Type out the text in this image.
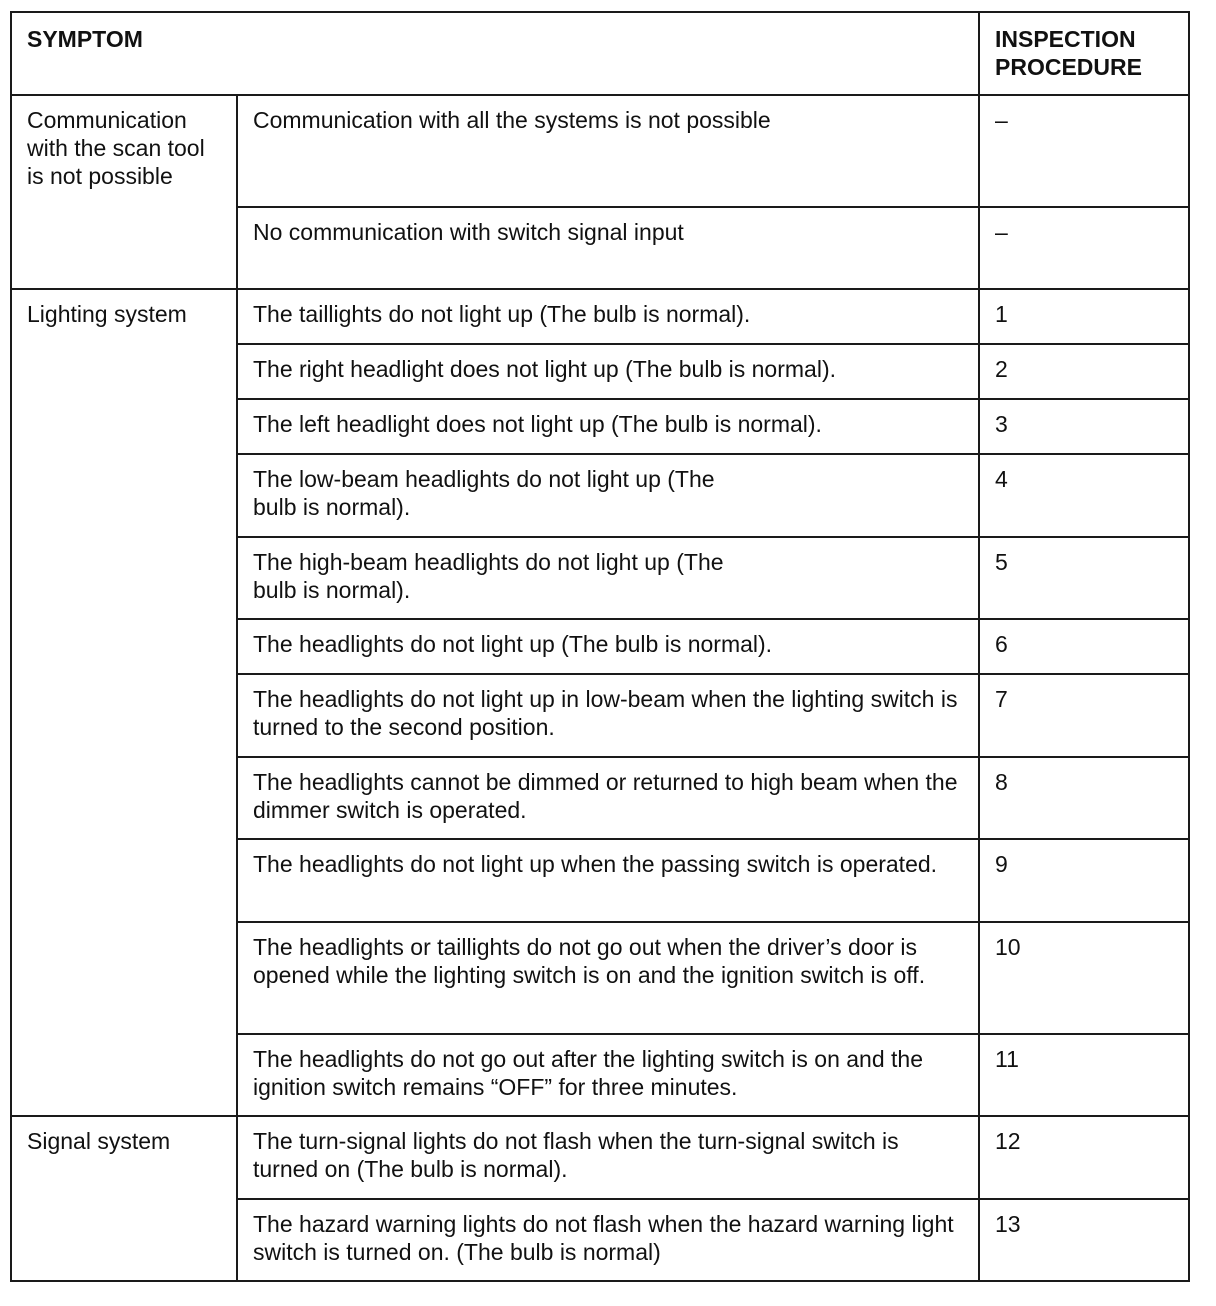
SYMPTOM		INSPECTION PROCEDURE
Communication with the scan tool is not possible	Communication with all the systems is not possible	–
	No communication with switch signal input	–
Lighting system	The taillights do not light up (The bulb is normal).	1
	The right headlight does not light up (The bulb is normal).	2
	The left headlight does not light up (The bulb is normal).	3
	The low-beam headlights do not light up (The bulb is normal).	4
	The high-beam headlights do not light up (The bulb is normal).	5
	The headlights do not light up (The bulb is normal).	6
	The headlights do not light up in low-beam when the lighting switch is turned to the second position.	7
	The headlights cannot be dimmed or returned to high beam when the dimmer switch is operated.	8
	The headlights do not light up when the passing switch is operated.	9
	The headlights or taillights do not go out when the driver’s door is opened while the lighting switch is on and the ignition switch is off.	10
	The headlights do not go out after the lighting switch is on and the ignition switch remains “OFF” for three minutes.	11
Signal system	The turn-signal lights do not flash when the turn-signal switch is turned on (The bulb is normal).	12
	The hazard warning lights do not flash when the hazard warning light switch is turned on. (The bulb is normal)	13
